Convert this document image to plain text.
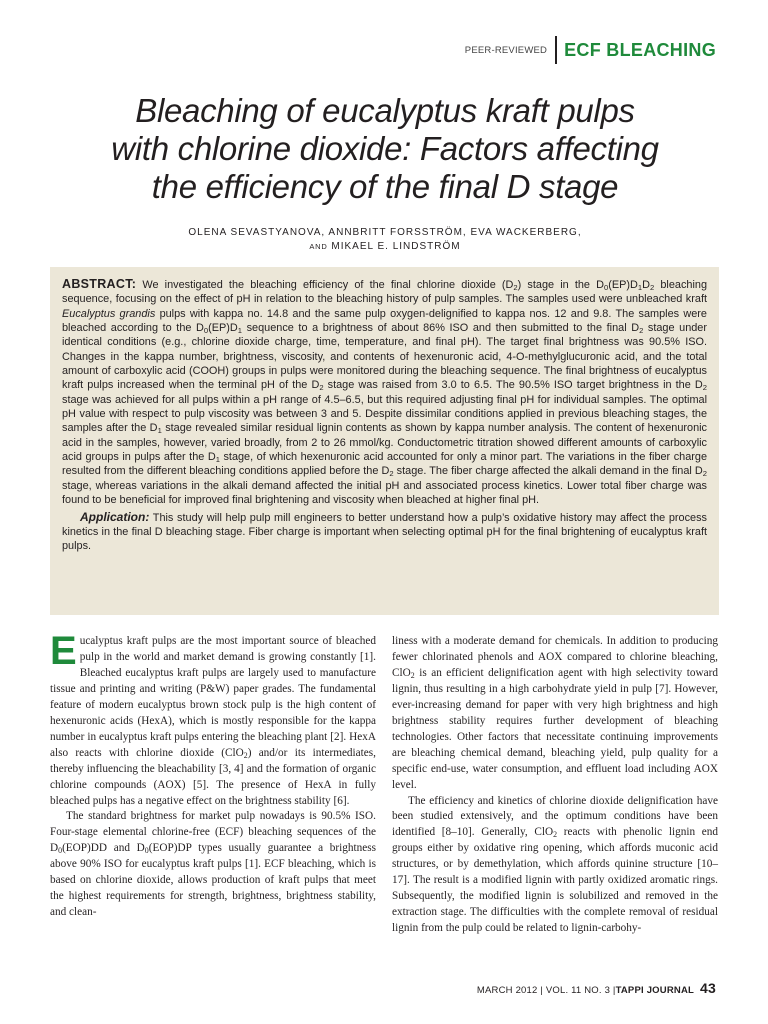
PEER-REVIEWED ECF BLEACHING
Bleaching of eucalyptus kraft pulps
with chlorine dioxide: Factors affecting
the efficiency of the final D stage
OLENA SEVASTYANOVA, ANNBRITT FORSSTRÖM, EVA WACKERBERG,
AND MIKAEL E. LINDSTRÖM

ABSTRACT: We investigated the bleaching efficiency of the final chlorine dioxide $(D_2)$ stage in the $D_0(EP)D_1D_2$ bleaching sequence, focusing on the effect of pH in relation to the bleaching history of pulp samples. The samples used were unbleached kraft Eucalyptus grandis pulps with kappa no. 14.8 and the same pulp oxygen-delignified to kappa nos. 12 and 9.8. The samples were bleached according to the $D_0(EP)D_1$ sequence to a brightness of about 86% ISO and then submitted to the final $D_2$ stage under identical conditions (e.g., chlorine dioxide charge, time, temperature, and final pH). The target final brightness was 90.5% ISO. Changes in the kappa number, brightness, viscosity, and contents of hexenuronic acid, 4-O-methylglucuronic acid, and the total amount of carboxylic acid (COOH) groups in pulps were monitored during the bleaching sequence. The final brightness of eucalyptus kraft pulps increased when the terminal pH of the $D_2$ stage was raised from 3.0 to 6.5. The 90.5% ISO target brightness in the $D_2$ stage was achieved for all pulps within a pH range of 4.5–6.5, but this required adjusting final pH for individual samples. The optimal pH value with respect to pulp viscosity was between 3 and 5. Despite dissimilar conditions applied in previous bleaching stages, the samples after the $D_1$ stage revealed similar residual lignin contents as shown by kappa number analysis. The content of hexenuronic acid in the samples, however, varied broadly, from 2 to 26 mmol/kg. Conductometric titration showed different amounts of carboxylic acid groups in pulps after the $D_1$ stage, of which hexenuronic acid accounted for only a minor part. The variations in the fiber charge resulted from the different bleaching conditions applied before the $D_2$ stage. The fiber charge affected the alkali demand in the final $D_2$ stage, whereas variations in the alkali demand affected the initial pH and associated process kinetics. Lower total fiber charge was found to be beneficial for improved final brightening and viscosity when bleached at higher final pH.

Application: This study will help pulp mill engineers to better understand how a pulp’s oxidative history may affect the process kinetics in the final D bleaching stage. Fiber charge is important when selecting optimal pH for the final brightening of eucalyptus kraft pulps.

Eucalyptus kraft pulps are the most important source of bleached pulp in the world and market demand is growing constantly [1]. Bleached eucalyptus kraft pulps are largely used to manufacture tissue and printing and writing (P&W) paper grades. The fundamental feature of modern eucalyptus brown stock pulp is the high content of hexenuronic acids (HexA), which is mostly responsible for the kappa number in eucalyptus kraft pulps entering the bleaching plant [2]. HexA also reacts with chlorine dioxide (ClO$_2$) and/or its intermediates, thereby influencing the bleachability [3, 4] and the formation of organic chlorine compounds (AOX) [5]. The presence of HexA in fully bleached pulps has a negative effect on the brightness stability [6].

The standard brightness for market pulp nowadays is 90.5% ISO. Four-stage elemental chlorine-free (ECF) bleaching sequences of the $D_0(EOP)DD$ and $D_0(EOP)DP$ types usually guarantee a brightness above 90% ISO for eucalyptus kraft pulps [1]. ECF bleaching, which is based on chlorine dioxide, allows production of kraft pulps that meet the highest requirements for strength, brightness, brightness stability, and clean-

liness with a moderate demand for chemicals. In addition to producing fewer chlorinated phenols and AOX compared to chlorine bleaching, ClO$_2$ is an efficient delignification agent with high selectivity toward lignin, thus resulting in a high carbohydrate yield in pulp [7]. However, ever-increasing demand for paper with very high brightness and high brightness stability requires further development of bleaching technologies. Other factors that necessitate continuing improvements are bleaching chemical demand, bleaching yield, pulp quality for a specific end-use, water consumption, and effluent load including AOX level.

The efficiency and kinetics of chlorine dioxide delignification have been studied extensively, and the optimum conditions have been identified [8–10]. Generally, ClO$_2$ reacts with phenolic lignin end groups either by oxidative ring opening, which affords muconic acid structures, or by demethylation, which affords quinine structure [10–17]. The result is a modified lignin with partly oxidized aromatic rings. Subsequently, the modified lignin is solubilized and removed in the extraction stage. The difficulties with the complete removal of residual lignin from the pulp could be related to lignin-carbohy-

MARCH 2012 | VOL. 11 NO. 3 | TAPPI JOURNAL 43
